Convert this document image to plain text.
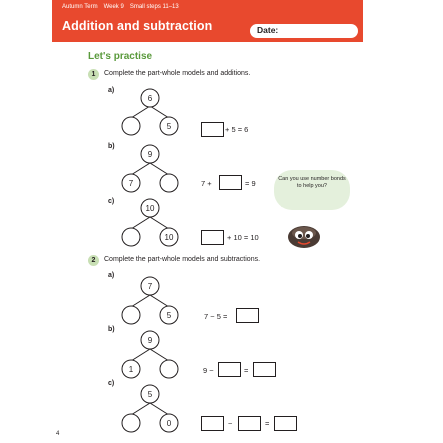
Autumn Term Week 9 Small steps 11–13
Addition and subtraction	Date:
Let's practise
1	Complete the part-whole models and additions.
a)
6
5	+ 5 = 6
b)
9
7	7 +	= 9
c)
10
10	+ 10 = 10
Can you use number bonds to help you?
2	Complete the part-whole models and subtractions.
a)
7
5	7 − 5 =
b)
9
1	9 −	=
c)
5
0	−	=
4
